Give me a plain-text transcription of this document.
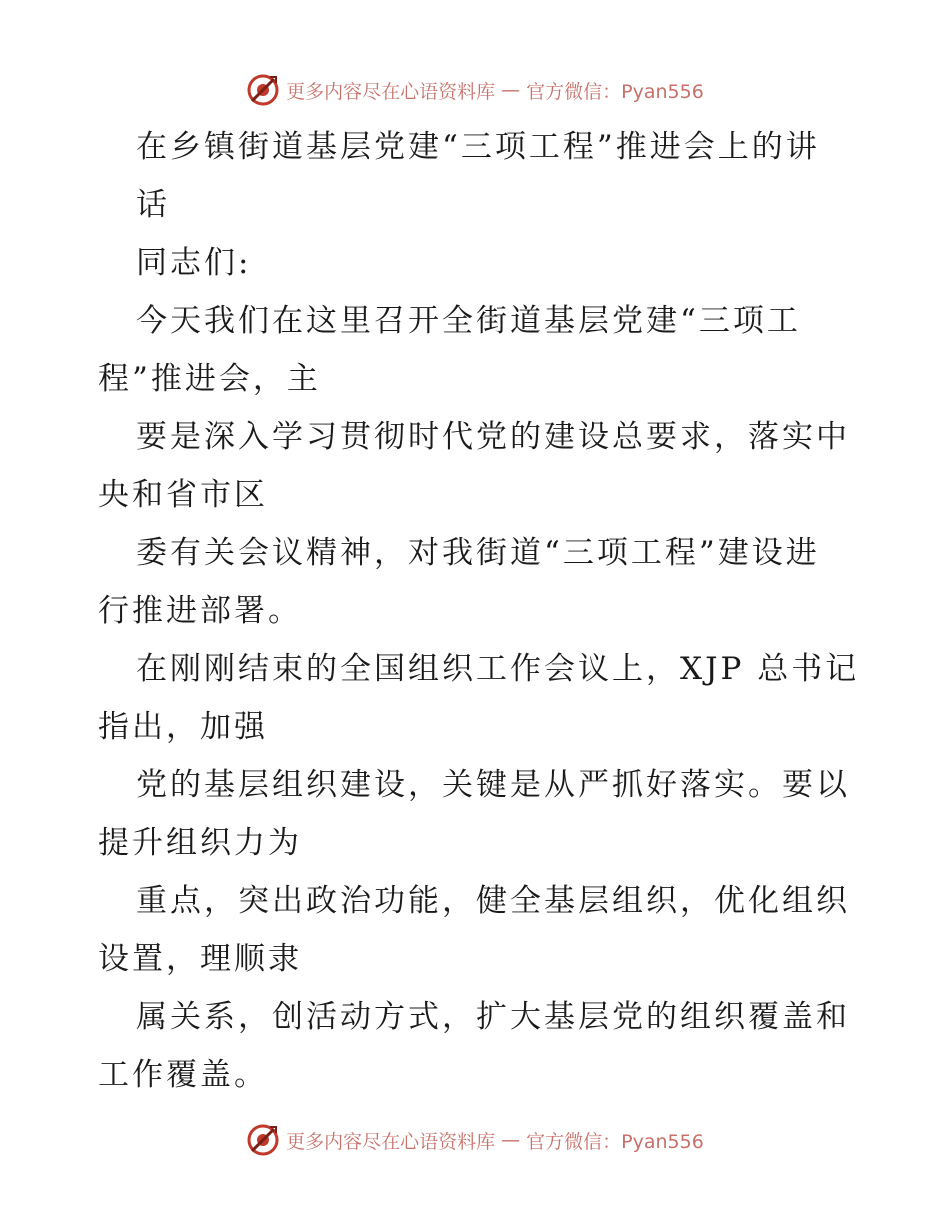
更多内容尽在心语资料库 — 官方微信：Pyan556
在乡镇街道基层党建“三项工程”推进会上的讲
话
同志们:
今天我们在这里召开全街道基层党建“三项工
程”推进会，主
要是深入学习贯彻时代党的建设总要求，落实中
央和省市区
委有关会议精神，对我街道“三项工程”建设进
行推进部署。
在刚刚结束的全国组织工作会议上，XJP 总书记
指出，加强
党的基层组织建设，关键是从严抓好落实。要以
提升组织力为
重点，突出政治功能，健全基层组织，优化组织
设置，理顺隶
属关系，创活动方式，扩大基层党的组织覆盖和
工作覆盖。
更多内容尽在心语资料库 — 官方微信：Pyan556
